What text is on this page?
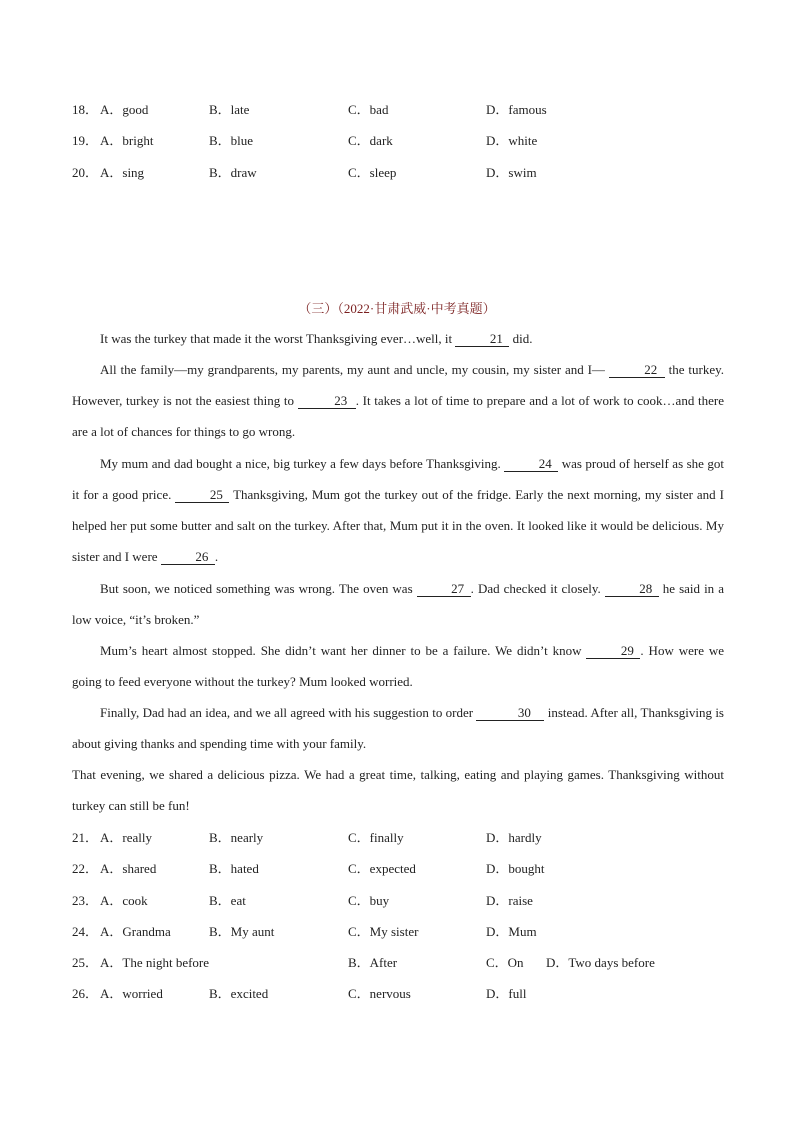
18． A．good	B．late	C．bad	D．famous
19． A．bright	B．blue	C．dark	D．white
20． A．sing	B．draw	C．sleep	D．swim
（三）（2022·甘肃武威·中考真题）
It was the turkey that made it the worst Thanksgiving ever…well, it	21 did.
All the family—my grandparents, my parents, my aunt and uncle, my cousin, my sister and I—	22 the turkey. However, turkey is not the easiest thing to	23 . It takes a lot of time to prepare and a lot of work to cook…and there are a lot of chances for things to go wrong.
My mum and dad bought a nice, big turkey a few days before Thanksgiving.	24 was proud of herself as she got it for a good price.	25 Thanksgiving, Mum got the turkey out of the fridge. Early the next morning, my sister and I helped her put some butter and salt on the turkey. After that, Mum put it in the oven. It looked like it would be delicious. My sister and I were	26 .
But soon, we noticed something was wrong. The oven was	27 . Dad checked it closely.	28 he said in a low voice, “it’s broken.”
Mum’s heart almost stopped. She didn’t want her dinner to be a failure. We didn’t know	29 . How were we going to feed everyone without the turkey? Mum looked worried.
Finally, Dad had an idea, and we all agreed with his suggestion to order	30 instead. After all, Thanksgiving is about giving thanks and spending time with your family.
That evening, we shared a delicious pizza. We had a great time, talking, eating and playing games. Thanksgiving without turkey can still be fun!
21． A．really	B．nearly	C．finally	D．hardly
22． A．shared	B．hated	C．expected	D．bought
23． A．cook	B．eat	C．buy	D．raise
24． A．Grandma	B．My aunt	C．My sister	D．Mum
25． A．The night before	B．After	C．On D．Two days before
26． A．worried	B．excited	C．nervous	D．full
